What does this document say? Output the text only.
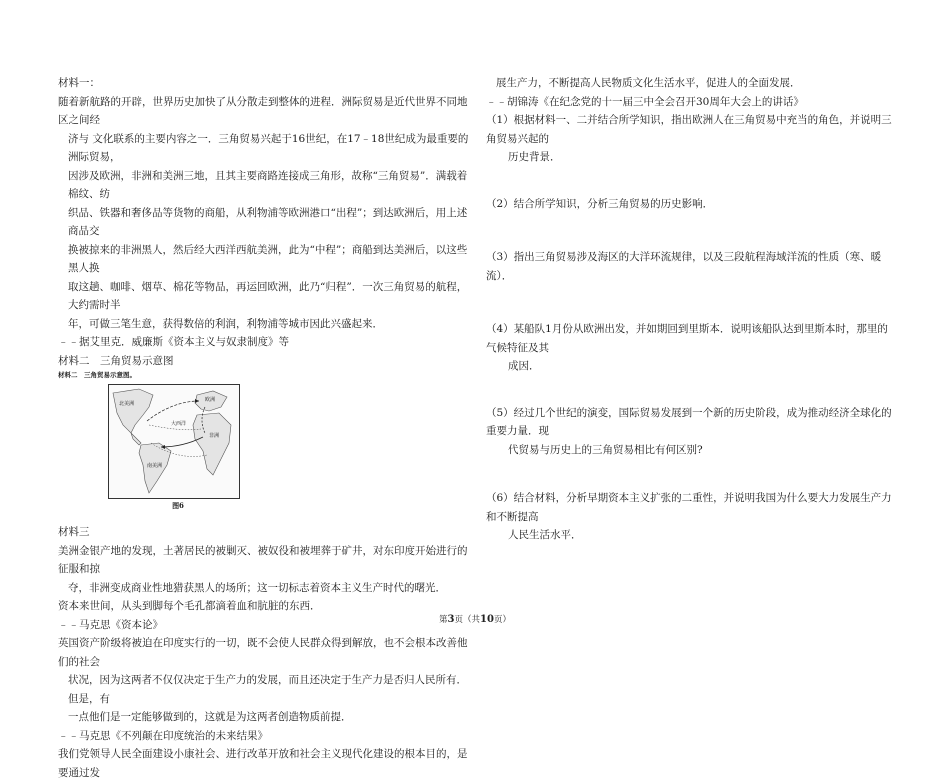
材料一：

随着新航路的开辟，世界历史加快了从分散走到整体的进程．洲际贸易是近代世界不同地区之间经

济与 文化联系的主要内容之一．三角贸易兴起于16世纪，在17﹣18世纪成为最重要的洲际贸易，

因涉及欧洲，非洲和美洲三地，且其主要商路连接成三角形，故称“三角贸易”．满载着棉纹、纺

织品、铁器和奢侈品等货物的商船，从利物浦等欧洲港口“出程”；到达欧洲后，用上述商品交

换被掠来的非洲黑人，然后经大西洋西航美洲，此为“中程”；商船到达美洲后，以这些黑人换

取这趟、咖啡、烟草、棉花等物品，再运回欧洲，此乃“归程”．一次三角贸易的航程，大约需时半

年，可做三笔生意，获得数倍的利润，利物浦等城市因此兴盛起来．

﹣﹣据艾里克．威廉斯《资本主义与奴隶制度》等

材料二　三角贸易示意图

材料二　三角贸易示意图。
欧洲
北美洲
非洲
南美洲
大西洋
图6

材料三

美洲金银产地的发现，土著居民的被剿灭、被奴役和被埋葬于矿井，对东印度开始进行的征服和掠

夺，非洲变成商业性地猎获黑人的场所；这一切标志着资本主义生产时代的曙光．

资本来世间，从头到脚每个毛孔都滴着血和肮脏的东西．

﹣﹣马克思《资本论》

英国资产阶级将被迫在印度实行的一切，既不会使人民群众得到解放，也不会根本改善他们的社会

状况，因为这两者不仅仅决定于生产力的发展，而且还决定于生产力是否归人民所有．但是，有

一点他们是一定能够做到的，这就是为这两者创造物质前提．

﹣﹣马克思《不列颠在印度统治的未来结果》

我们党领导人民全面建设小康社会、进行改革开放和社会主义现代化建设的根本目的，是要通过发

展生产力，不断提高人民物质文化生活水平，促进人的全面发展．

﹣﹣胡锦涛《在纪念党的十一届三中全会召开30周年大会上的讲话》

（1）根据材料一、二并结合所学知识，指出欧洲人在三角贸易中充当的角色，并说明三角贸易兴起的

历史背景．

（2）结合所学知识，分析三角贸易的历史影响．

（3）指出三角贸易涉及海区的大洋环流规律，以及三段航程海域洋流的性质（寒、暖流）．

（4）某船队1月份从欧洲出发，并如期回到里斯本．说明该船队达到里斯本时，那里的气候特征及其

成因．

（5）经过几个世纪的演变，国际贸易发展到一个新的历史阶段，成为推动经济全球化的重要力量．现

代贸易与历史上的三角贸易相比有何区别?

（6）结合材料，分析早期资本主义扩张的二重性，并说明我国为什么要大力发展生产力和不断提高

人民生活水平．

第3页（共10页）
